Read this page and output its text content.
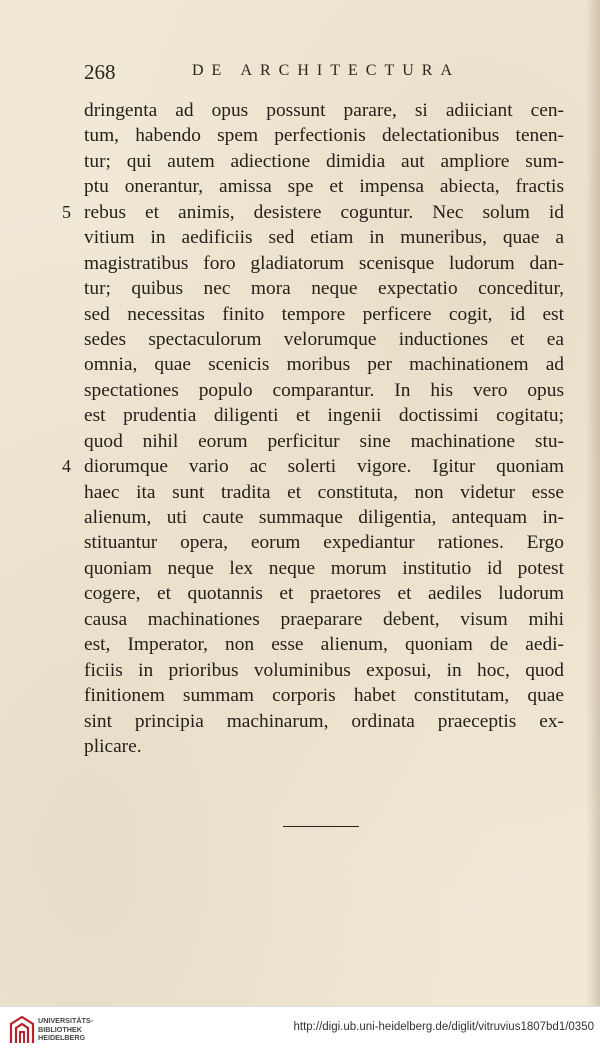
268	DE ARCHITECTURA
dringenta ad opus possunt parare, si adiiciant cen-
tum, habendo spem perfectionis delectationibus tenen-
tur; qui autem adiectione dimidia aut ampliore sum-
ptu onerantur, amissa spe et impensa abiecta, fractis
5 rebus et animis, desistere coguntur. Nec solum id
vitium in aedificiis sed etiam in muneribus, quae a
magistratibus foro gladiatorum scenisque ludorum dan-
tur; quibus nec mora neque expectatio conceditur,
sed necessitas finito tempore perficere cogit, id est
sedes spectaculorum velorumque inductiones et ea
omnia, quae scenicis moribus per machinationem ad
spectationes populo comparantur. In his vero opus
est prudentia diligenti et ingenii doctissimi cogitatu;
quod nihil eorum perficitur sine machinatione stu-
4 diorumque vario ac solerti vigore. Igitur quoniam
haec ita sunt tradita et constituta, non videtur esse
alienum, uti caute summaque diligentia, antequam in-
stituantur opera, eorum expediantur rationes. Ergo
quoniam neque lex neque morum institutio id potest
cogere, et quotannis et praetores et aediles ludorum
causa machinationes praeparare debent, visum mihi
est, Imperator, non esse alienum, quoniam de aedi-
ficiis in prioribus voluminibus exposui, in hoc, quod
finitionem summam corporis habet constitutam, quae
sint principia machinarum, ordinata praeceptis ex-
plicare.
UNIVERSITÄTS-
BIBLIOTHEK
HEIDELBERG
http://digi.ub.uni-heidelberg.de/diglit/vitruvius1807bd1/0350
